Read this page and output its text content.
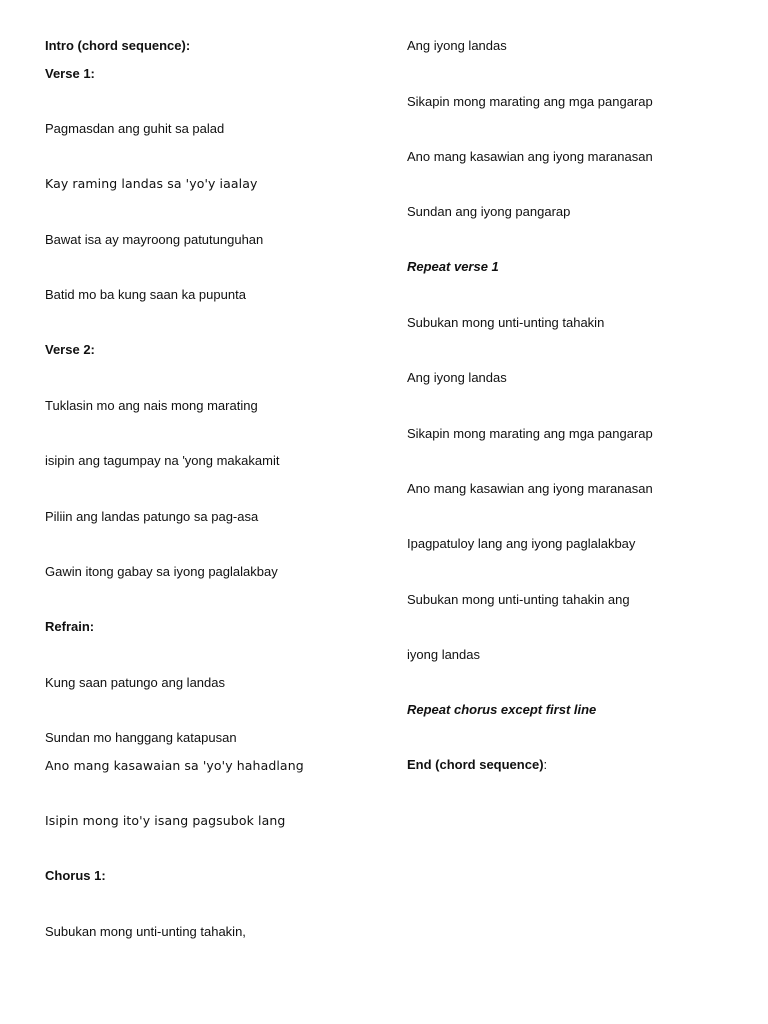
Intro (chord sequence):
Verse 1:
Pagmasdan ang guhit sa palad
Kay raming landas sa 'yo'y iaalay
Bawat isa ay mayroong patutunguhan
Batid mo ba kung saan ka pupunta
Verse 2:
Tuklasin mo ang nais mong marating
isipin ang tagumpay na 'yong makakamit
Piliin ang landas patungo sa pag-asa
Gawin itong gabay sa iyong paglalakbay
Refrain:
Kung saan patungo ang landas
Sundan mo hanggang katapusan
Ano mang kasawaian sa 'yo'y hahadlang
Isipin mong ito'y isang pagsubok lang
Chorus 1:
Subukan mong unti-unting tahakin,
Ang iyong landas
Sikapin mong marating ang mga pangarap
Ano mang kasawian ang iyong maranasan
Sundan ang iyong pangarap
Repeat verse 1
Subukan mong unti-unting tahakin
Ang iyong landas
Sikapin mong marating ang mga pangarap
Ano mang kasawian ang iyong maranasan
Ipagpatuloy lang ang iyong paglalakbay
Subukan mong unti-unting tahakin ang
iyong landas
Repeat chorus except first line
End (chord sequence):
